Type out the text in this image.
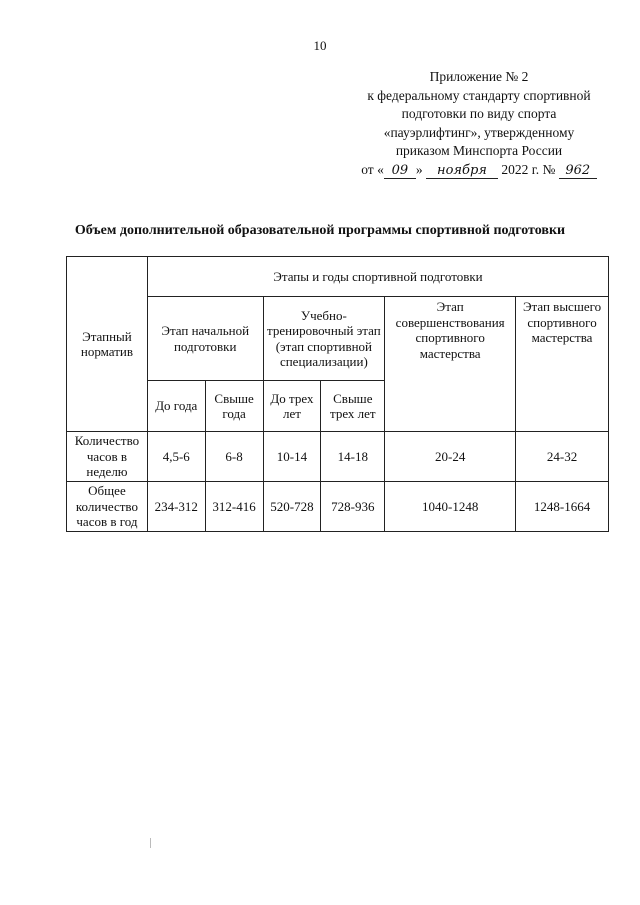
10
Приложение № 2
к федеральному стандарту спортивной
подготовки по виду спорта
«пауэрлифтинг», утвержденному
приказом Минспорта России
от « 09 » ноября 2022 г. № 962
Объем дополнительной образовательной программы спортивной подготовки
Этапный норматив	Этапы и годы спортивной подготовки					
	Этап начальной подготовки		Учебно-тренировочный этап (этап спортивной специализации)		Этап совершенствования спортивного мастерства	Этап высшего спортивного мастерства
	До года	Свыше года	До трех лет	Свыше трех лет		
Количество часов в неделю	4,5-6	6-8	10-14	14-18	20-24	24-32
Общее количество часов в год	234-312	312-416	520-728	728-936	1040-1248	1248-1664
